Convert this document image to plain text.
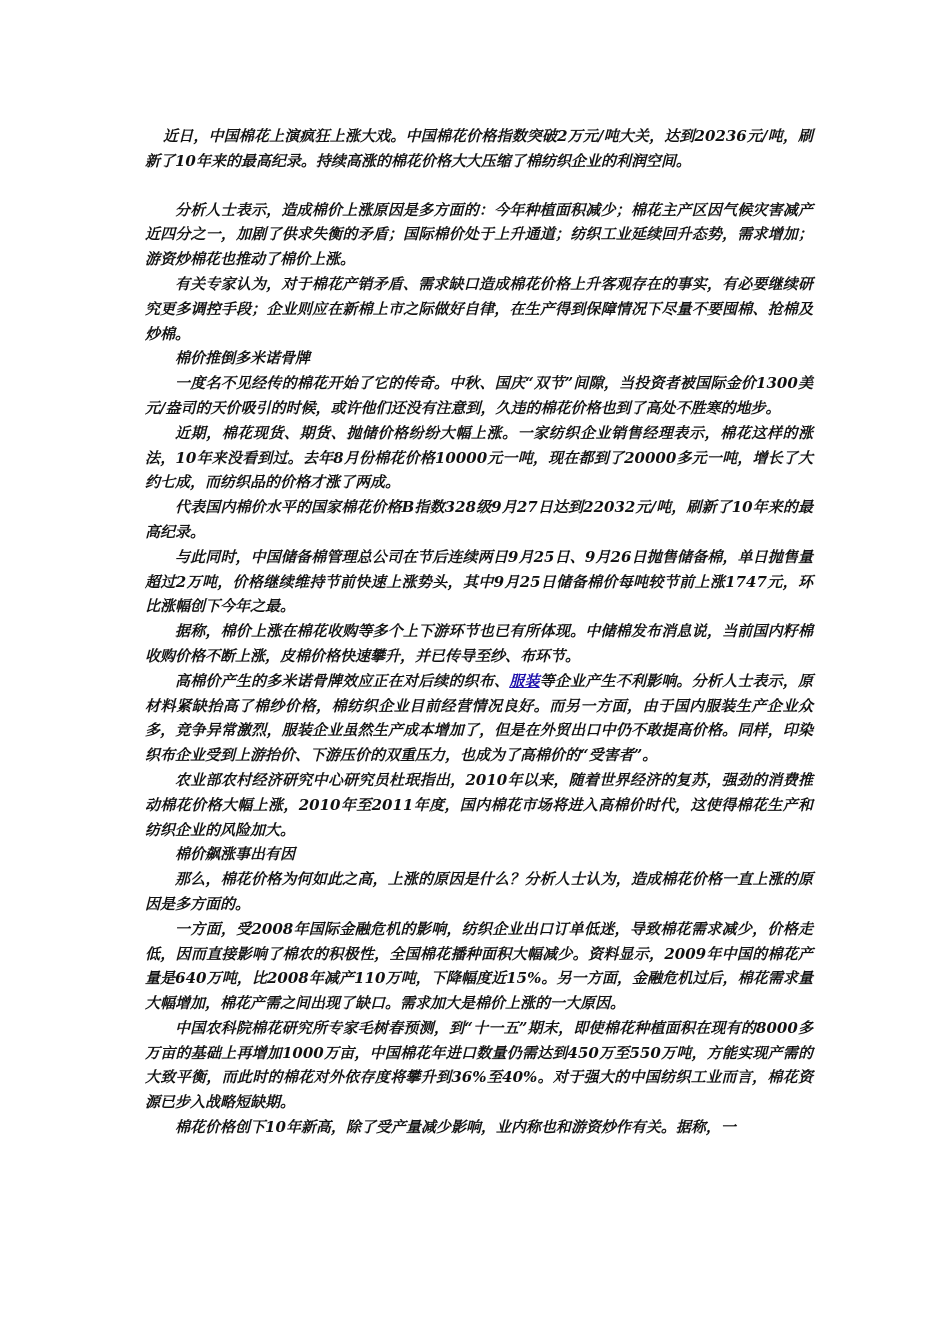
近日，中国棉花上演疯狂上涨大戏。中国棉花价格指数突破2万元/吨大关，达到20236元/吨，刷新了10年来的最高纪录。持续高涨的棉花价格大大压缩了棉纺织企业的利润空间。

分析人士表示，造成棉价上涨原因是多方面的：今年种植面积减少；棉花主产区因气候灾害减产近四分之一，加剧了供求失衡的矛盾；国际棉价处于上升通道；纺织工业延续回升态势，需求增加；游资炒棉花也推动了棉价上涨。

有关专家认为，对于棉花产销矛盾、需求缺口造成棉花价格上升客观存在的事实，有必要继续研究更多调控手段；企业则应在新棉上市之际做好自律，在生产得到保障情况下尽量不要囤棉、抢棉及炒棉。

棉价推倒多米诺骨牌

一度名不见经传的棉花开始了它的传奇。中秋、国庆“双节”间隙，当投资者被国际金价1300美元/盎司的天价吸引的时候，或许他们还没有注意到，久违的棉花价格也到了高处不胜寒的地步。

近期，棉花现货、期货、抛储价格纷纷大幅上涨。一家纺织企业销售经理表示，棉花这样的涨法，10年来没看到过。去年8月份棉花价格10000元一吨，现在都到了20000多元一吨，增长了大约七成，而纺织品的价格才涨了两成。

代表国内棉价水平的国家棉花价格B指数328级9月27日达到22032元/吨，刷新了10年来的最高纪录。

与此同时，中国储备棉管理总公司在节后连续两日9月25日、9月26日抛售储备棉，单日抛售量超过2万吨，价格继续维持节前快速上涨势头，其中9月25日储备棉价每吨较节前上涨1747元，环比涨幅创下今年之最。

据称，棉价上涨在棉花收购等多个上下游环节也已有所体现。中储棉发布消息说，当前国内籽棉收购价格不断上涨，皮棉价格快速攀升，并已传导至纱、布环节。

高棉价产生的多米诺骨牌效应正在对后续的织布、服装等企业产生不利影响。分析人士表示，原材料紧缺抬高了棉纱价格，棉纺织企业目前经营情况良好。而另一方面，由于国内服装生产企业众多，竞争异常激烈，服装企业虽然生产成本增加了，但是在外贸出口中仍不敢提高价格。同样，印染织布企业受到上游抬价、下游压价的双重压力，也成为了高棉价的“受害者”。

农业部农村经济研究中心研究员杜珉指出，2010年以来，随着世界经济的复苏，强劲的消费推动棉花价格大幅上涨，2010年至2011年度，国内棉花市场将进入高棉价时代，这使得棉花生产和纺织企业的风险加大。

棉价飙涨事出有因

那么，棉花价格为何如此之高，上涨的原因是什么？分析人士认为，造成棉花价格一直上涨的原因是多方面的。

一方面，受2008年国际金融危机的影响，纺织企业出口订单低迷，导致棉花需求减少，价格走低，因而直接影响了棉农的积极性，全国棉花播种面积大幅减少。资料显示，2009年中国的棉花产量是640万吨，比2008年减产110万吨，下降幅度近15%。另一方面，金融危机过后，棉花需求量大幅增加，棉花产需之间出现了缺口。需求加大是棉价上涨的一大原因。

中国农科院棉花研究所专家毛树春预测，到“十一五”期末，即使棉花种植面积在现有的8000多万亩的基础上再增加1000万亩，中国棉花年进口数量仍需达到450万至550万吨，方能实现产需的大致平衡，而此时的棉花对外依存度将攀升到36%至40%。对于强大的中国纺织工业而言，棉花资源已步入战略短缺期。

棉花价格创下10年新高，除了受产量减少影响，业内称也和游资炒作有关。据称，一
